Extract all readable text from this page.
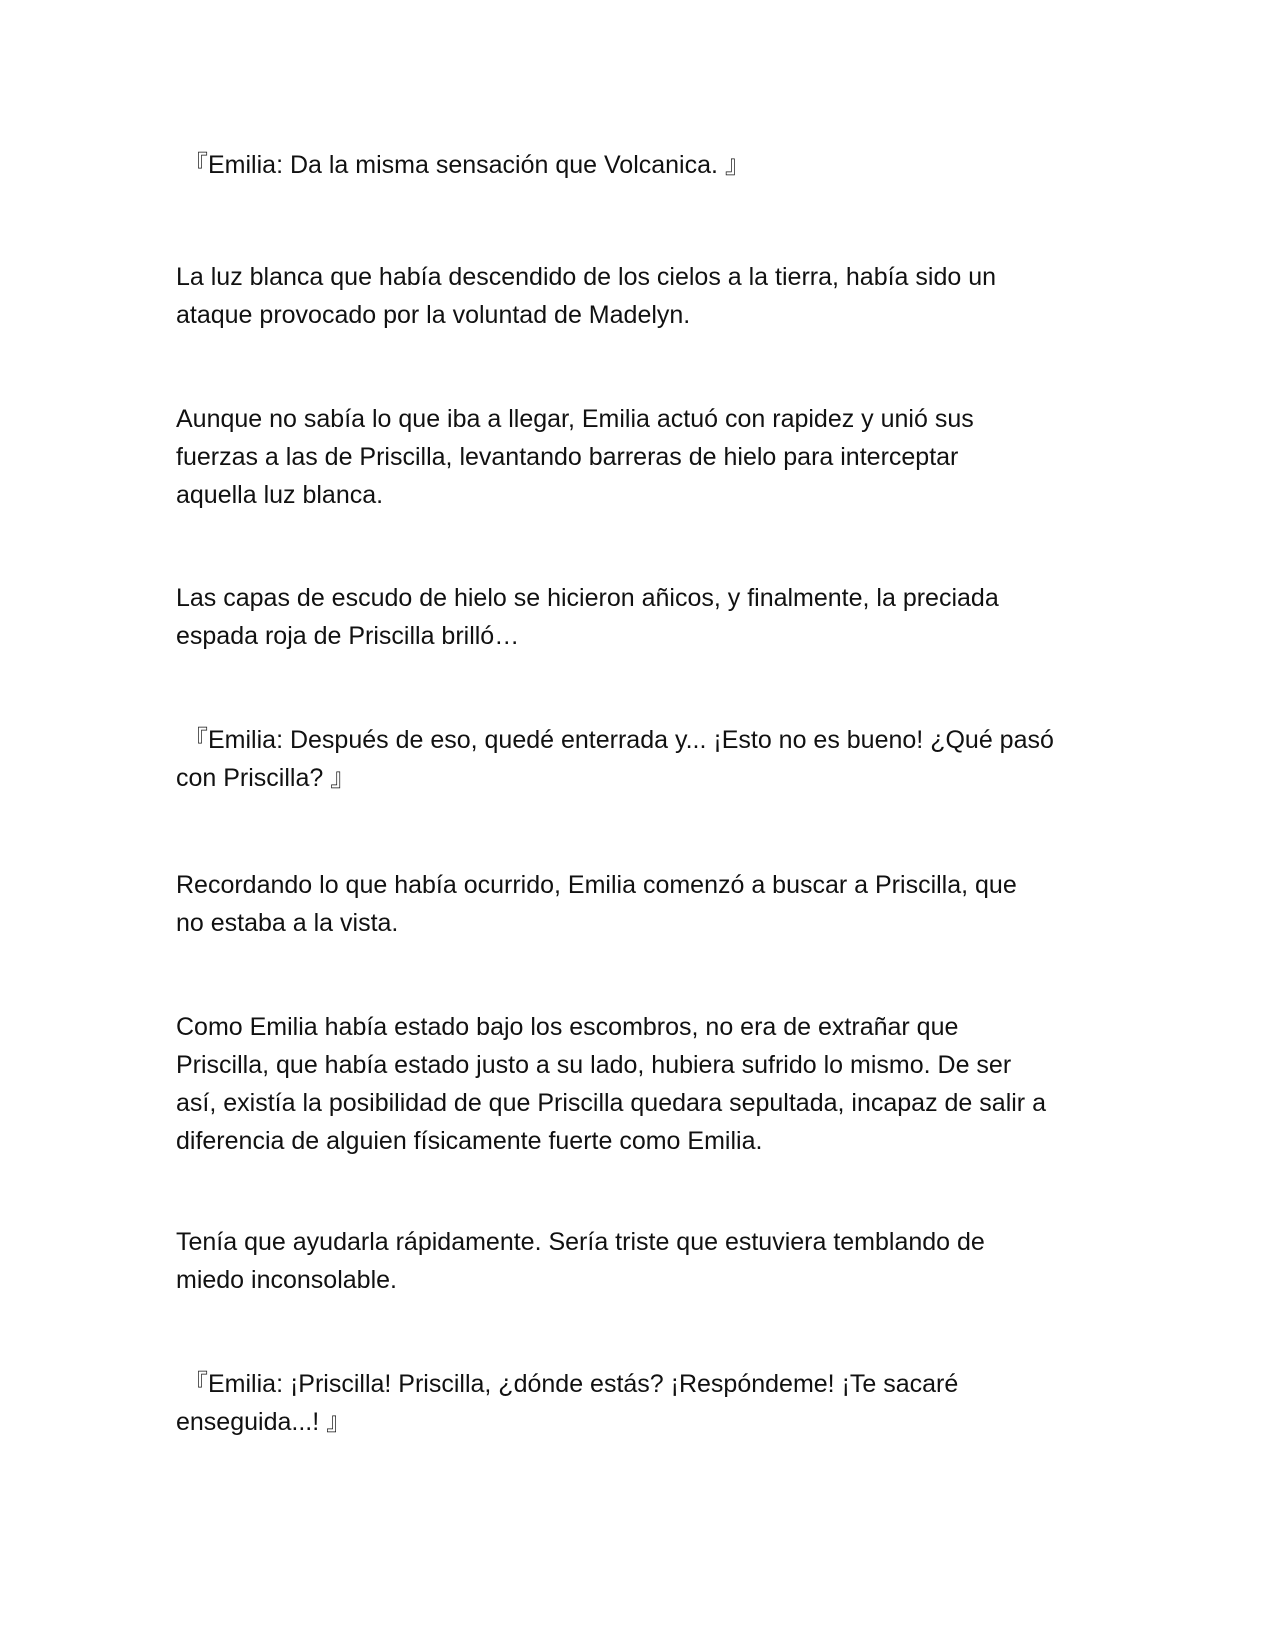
『Emilia: Da la misma sensación que Volcanica. 』

La luz blanca que había descendido de los cielos a la tierra, había sido un
ataque provocado por la voluntad de Madelyn.

Aunque no sabía lo que iba a llegar, Emilia actuó con rapidez y unió sus
fuerzas a las de Priscilla, levantando barreras de hielo para interceptar
aquella luz blanca.

Las capas de escudo de hielo se hicieron añicos, y finalmente, la preciada
espada roja de Priscilla brilló…

『Emilia: Después de eso, quedé enterrada y... ¡Esto no es bueno! ¿Qué pasó
con Priscilla? 』

Recordando lo que había ocurrido, Emilia comenzó a buscar a Priscilla, que
no estaba a la vista.

Como Emilia había estado bajo los escombros, no era de extrañar que
Priscilla, que había estado justo a su lado, hubiera sufrido lo mismo. De ser
así, existía la posibilidad de que Priscilla quedara sepultada, incapaz de salir a
diferencia de alguien físicamente fuerte como Emilia.

Tenía que ayudarla rápidamente. Sería triste que estuviera temblando de
miedo inconsolable.

『Emilia: ¡Priscilla! Priscilla, ¿dónde estás? ¡Respóndeme! ¡Te sacaré
enseguida...! 』
